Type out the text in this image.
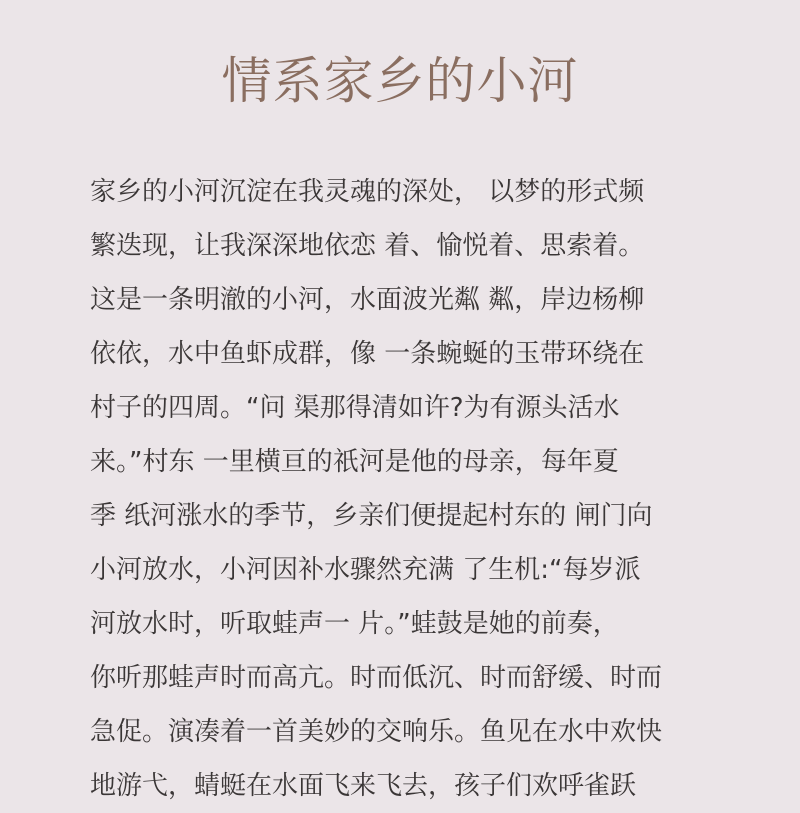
情系家乡的小河
家乡的小河沉淀在我灵魂的深处， 以梦的形式频
繁迭现，让我深深地依恋 着、愉悦着、思索着。
这是一条明澈的小河，水面波光粼 粼，岸边杨柳
依依，水中鱼虾成群，像 一条蜿蜒的玉带环绕在
村子的四周。“问 渠那得清如许?为有源头活水
来。”村东 一里横亘的祇河是他的母亲，每年夏
季 纸河涨水的季节，乡亲们便提起村东的 闸门向
小河放水，小河因补水骤然充满 了生机:“每岁派
河放水时，听取蛙声一 片。”蛙鼓是她的前奏，
你听那蛙声时而高亢。时而低沉、时而舒缓、时而
急促。演凑着一首美妙的交响乐。鱼见在水中欢快
地游弋，蜻蜓在水面飞来飞去，孩子们欢呼雀跃
